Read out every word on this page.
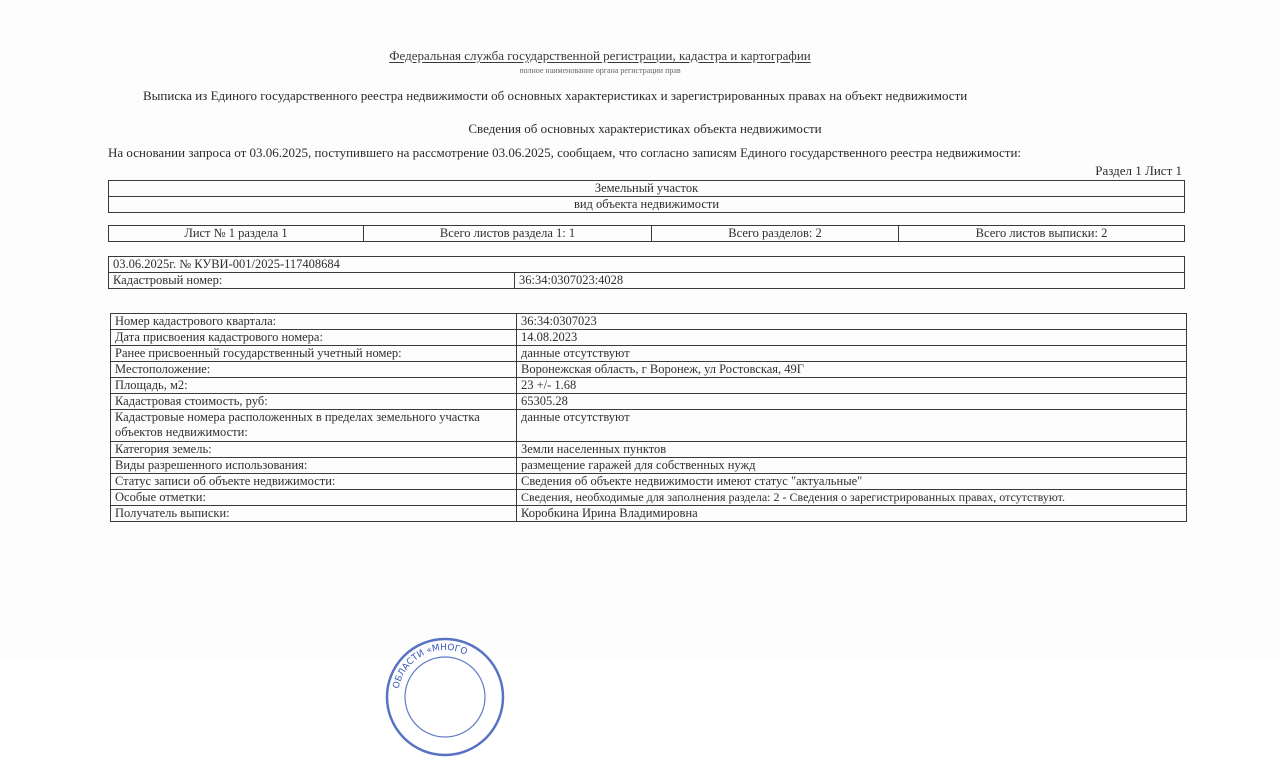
Федеральная служба государственной регистрации, кадастра и картографии
полное наименование органа регистрации прав
Выписка из Единого государственного реестра недвижимости об основных характеристиках и зарегистрированных правах на объект недвижимости
Сведения об основных характеристиках объекта недвижимости
На основании запроса от 03.06.2025, поступившего на рассмотрение 03.06.2025, сообщаем, что согласно записям Единого государственного реестра недвижимости:
Раздел 1 Лист 1
Земельный участок
вид объекта недвижимости
Лист № 1 раздела 1	Всего листов раздела 1: 1	Всего разделов: 2	Всего листов выписки: 2
03.06.2025г. № КУВИ-001/2025-117408684
Кадастровый номер:	36:34:0307023:4028
Номер кадастрового квартала:	36:34:0307023
Дата присвоения кадастрового номера:	14.08.2023
Ранее присвоенный государственный учетный номер:	данные отсутствуют
Местоположение:	Воронежская область, г Воронеж, ул Ростовская, 49Г
Площадь, м2:	23 +/- 1.68
Кадастровая стоимость, руб:	65305.28
Кадастровые номера расположенных в пределах земельного участка объектов недвижимости:	данные отсутствуют
Категория земель:	Земли населенных пунктов
Виды разрешенного использования:	размещение гаражей для собственных нужд
Статус записи об объекте недвижимости:	Сведения об объекте недвижимости имеют статус "актуальные"
Особые отметки:	Сведения, необходимые для заполнения раздела: 2 - Сведения о зарегистрированных правах, отсутствуют.
Получатель выписки:	Коробкина Ирина Владимировна
ОБЛАСТИ «МНОГО
